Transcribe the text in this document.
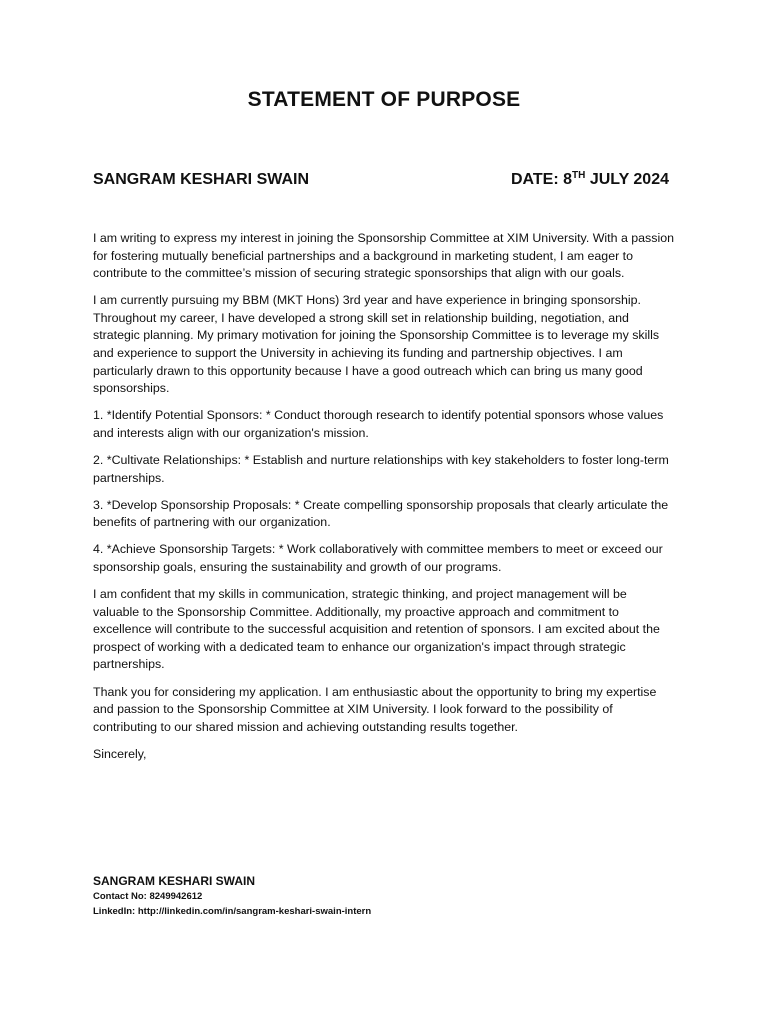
STATEMENT OF PURPOSE
SANGRAM KESHARI SWAIN	DATE: 8TH JULY 2024

I am writing to express my interest in joining the Sponsorship Committee at XIM University. With a passion for fostering mutually beneficial partnerships and a background in marketing student, I am eager to contribute to the committee’s mission of securing strategic sponsorships that align with our goals.

I am currently pursuing my BBM (MKT Hons) 3rd year and have experience in bringing sponsorship. Throughout my career, I have developed a strong skill set in relationship building, negotiation, and strategic planning. My primary motivation for joining the Sponsorship Committee is to leverage my skills and experience to support the University in achieving its funding and partnership objectives. I am particularly drawn to this opportunity because I have a good outreach which can bring us many good sponsorships.

1. *Identify Potential Sponsors: * Conduct thorough research to identify potential sponsors whose values and interests align with our organization's mission.

2. *Cultivate Relationships: * Establish and nurture relationships with key stakeholders to foster long-term partnerships.

3. *Develop Sponsorship Proposals: * Create compelling sponsorship proposals that clearly articulate the benefits of partnering with our organization.

4. *Achieve Sponsorship Targets: * Work collaboratively with committee members to meet or exceed our sponsorship goals, ensuring the sustainability and growth of our programs.

I am confident that my skills in communication, strategic thinking, and project management will be valuable to the Sponsorship Committee. Additionally, my proactive approach and commitment to excellence will contribute to the successful acquisition and retention of sponsors. I am excited about the prospect of working with a dedicated team to enhance our organization's impact through strategic partnerships.

Thank you for considering my application. I am enthusiastic about the opportunity to bring my expertise and passion to the Sponsorship Committee at XIM University. I look forward to the possibility of contributing to our shared mission and achieving outstanding results together.

Sincerely,

SANGRAM KESHARI SWAIN
Contact No: 8249942612
LinkedIn: http://linkedin.com/in/sangram-keshari-swain-intern
